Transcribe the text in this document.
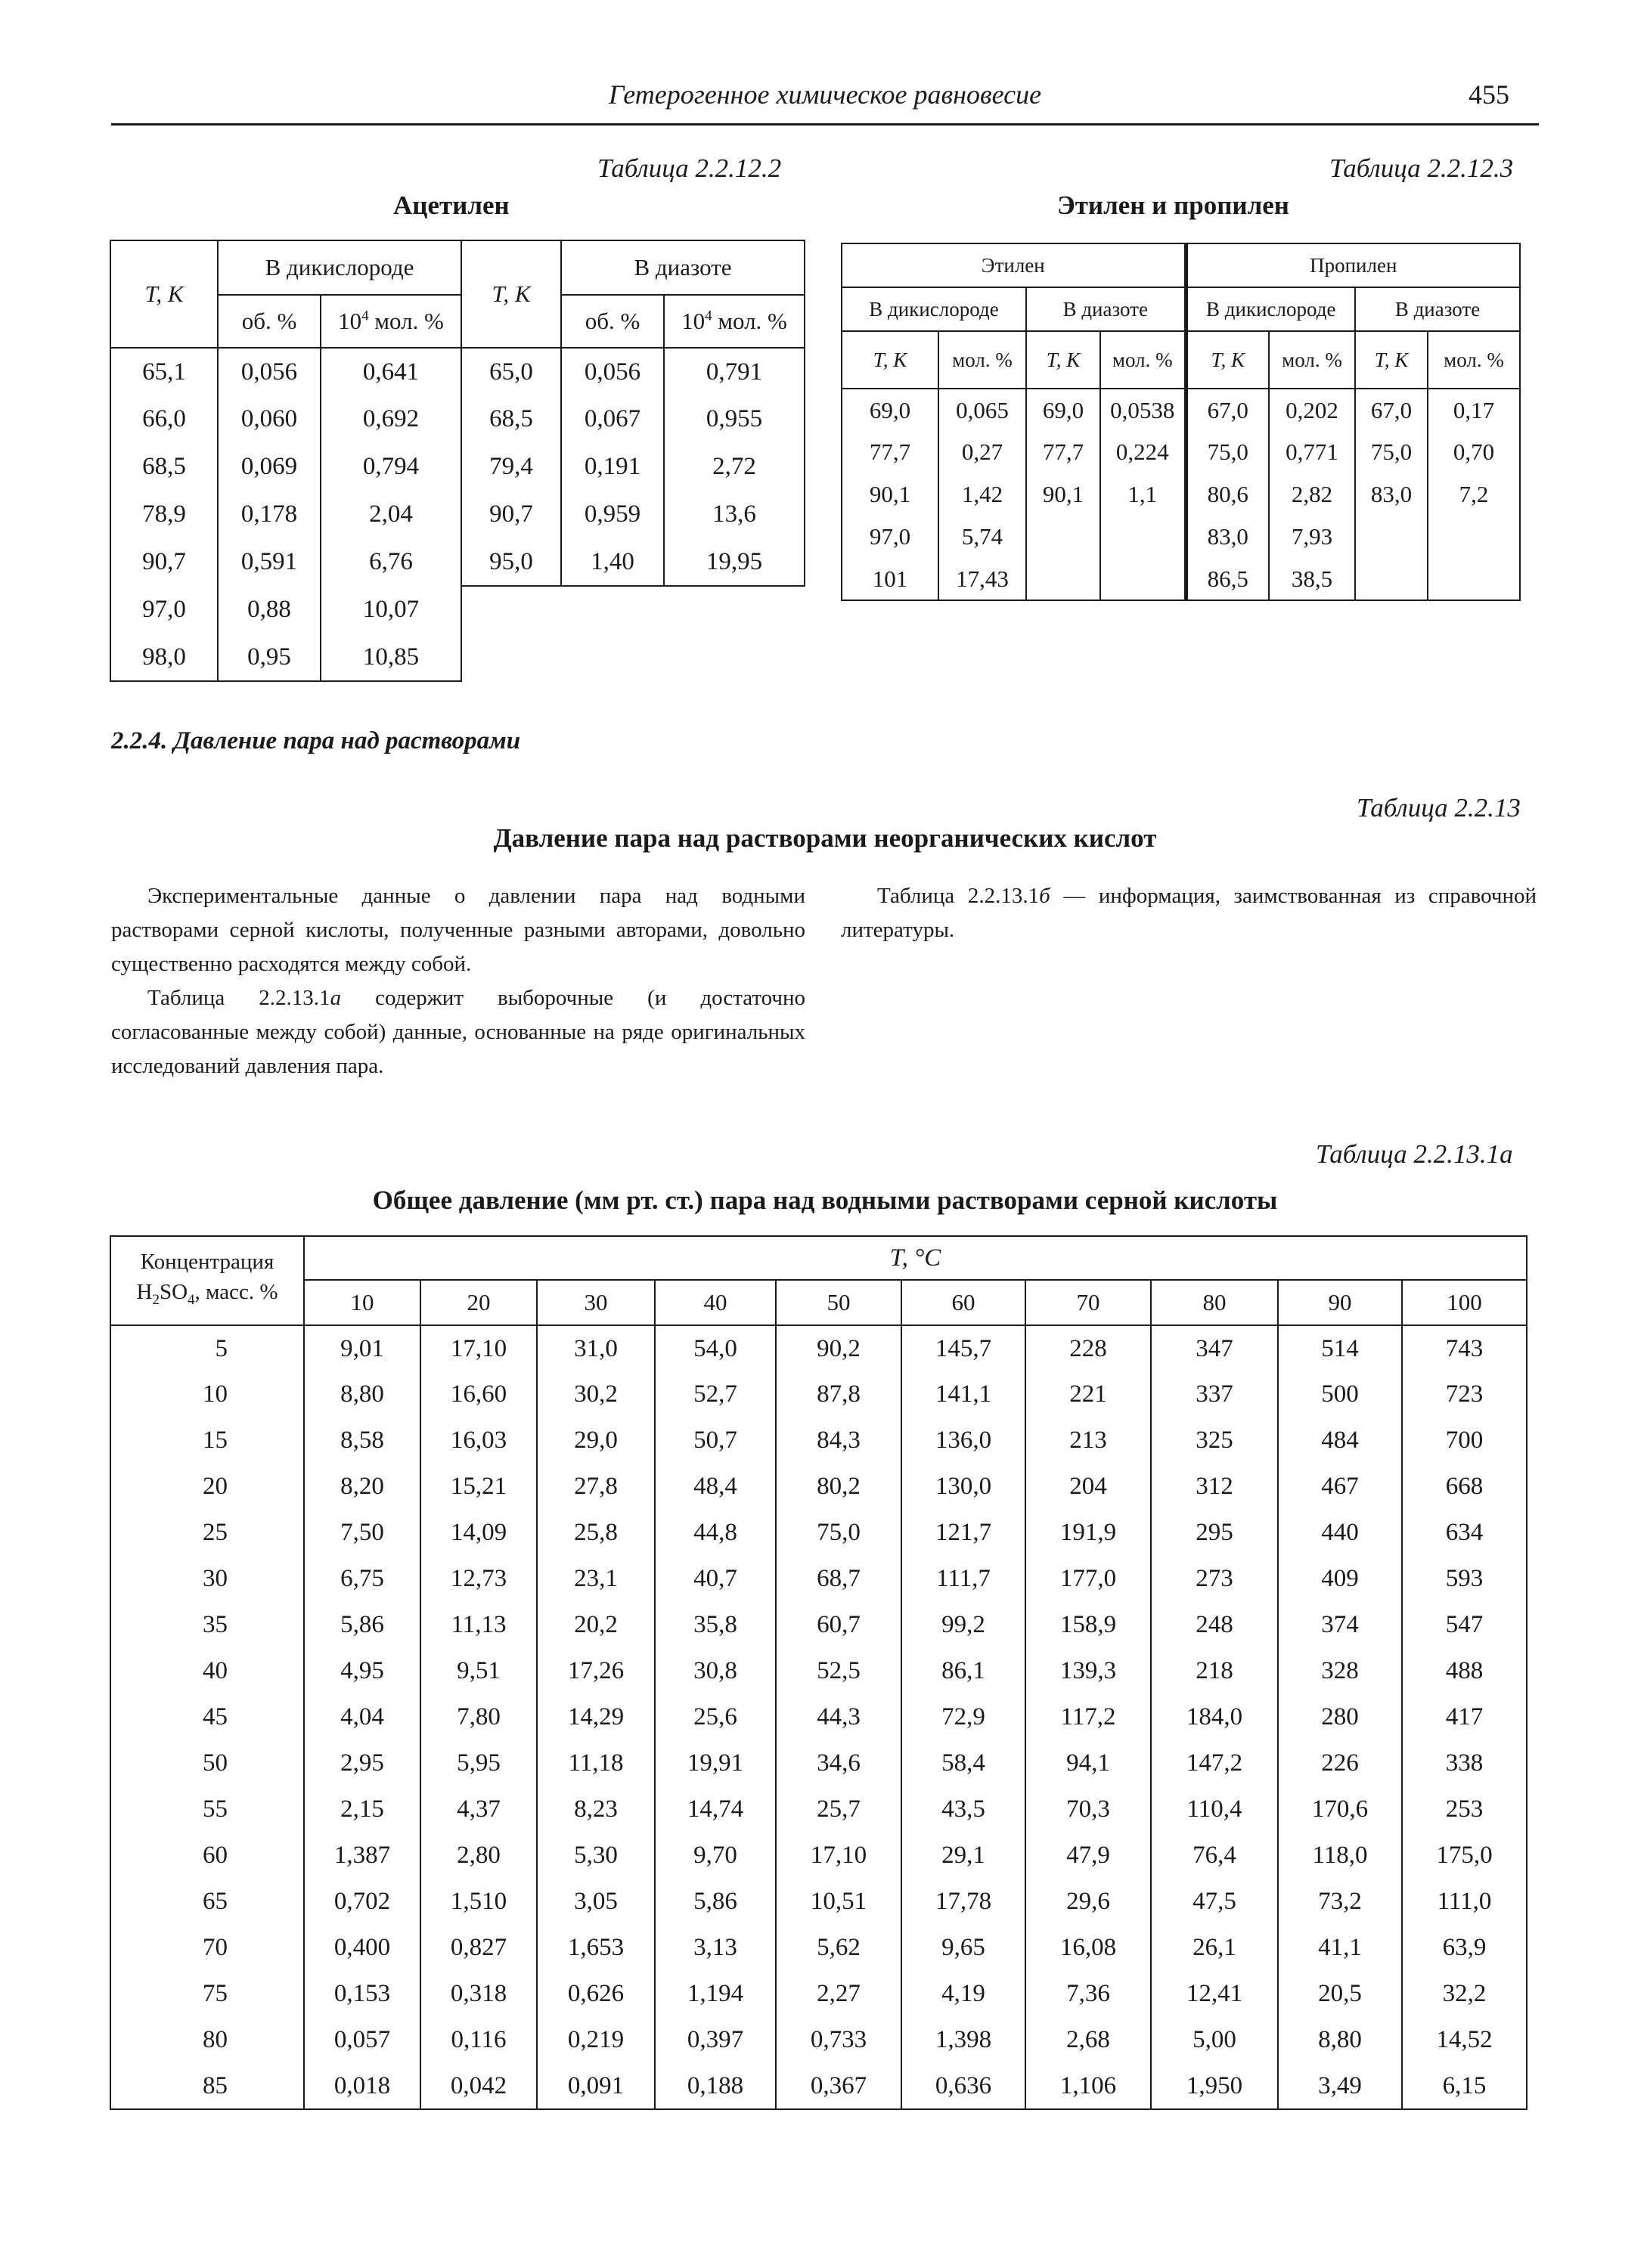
Гетерогенное химическое равновесие	455
Таблица 2.2.12.2
Ацетилен
T, К	В дикислороде	
	об. %	$10^4$ мол. %
65,1	0,056	0,641
66,0	0,060	0,692
68,5	0,069	0,794
78,9	0,178	2,04
90,7	0,591	6,76
97,0	0,88	10,07
98,0	0,95	10,85
T, К	В диазоте	
	об. %	$10^4$ мол. %
65,0	0,056	0,791
68,5	0,067	0,955
79,4	0,191	2,72
90,7	0,959	13,6
95,0	1,40	19,95
Таблица 2.2.12.3
Этилен и пропилен
Этилен				Пропилен			
В дикислороде		В диазоте		В дикислороде		В диазоте	
T, К	мол. %	T, К	мол. %	T, К	мол. %	T, К	мол. %
69,0	0,065	69,0	0,0538	67,0	0,202	67,0	0,17
77,7	0,27	77,7	0,224	75,0	0,771	75,0	0,70
90,1	1,42	90,1	1,1	80,6	2,82	83,0	7,2
97,0	5,74			83,0	7,93		
101	17,43			86,5	38,5		
2.2.4. Давление пара над растворами
Таблица 2.2.13
Давление пара над растворами неорганических кислот

Экспериментальные данные о давлении пара над водными растворами серной кислоты, полученные разными авторами, довольно существенно расходятся между собой.

Таблица 2.2.13.1а содержит выборочные (и достаточно согласованные между собой) данные, основанные на ряде оригинальных исследований давления пара.

Таблица 2.2.13.1б — информация, заимствованная из справочной литературы.

Таблица 2.2.13.1а
Общее давление (мм рт. ст.) пара над водными растворами серной кислоты
Концентрация
$H_2SO_4$, масс. %	T, °C									
	10	20	30	40	50	60	70	80	90	100
5	9,01	17,10	31,0	54,0	90,2	145,7	228	347	514	743
10	8,80	16,60	30,2	52,7	87,8	141,1	221	337	500	723
15	8,58	16,03	29,0	50,7	84,3	136,0	213	325	484	700
20	8,20	15,21	27,8	48,4	80,2	130,0	204	312	467	668
25	7,50	14,09	25,8	44,8	75,0	121,7	191,9	295	440	634
30	6,75	12,73	23,1	40,7	68,7	111,7	177,0	273	409	593
35	5,86	11,13	20,2	35,8	60,7	99,2	158,9	248	374	547
40	4,95	9,51	17,26	30,8	52,5	86,1	139,3	218	328	488
45	4,04	7,80	14,29	25,6	44,3	72,9	117,2	184,0	280	417
50	2,95	5,95	11,18	19,91	34,6	58,4	94,1	147,2	226	338
55	2,15	4,37	8,23	14,74	25,7	43,5	70,3	110,4	170,6	253
60	1,387	2,80	5,30	9,70	17,10	29,1	47,9	76,4	118,0	175,0
65	0,702	1,510	3,05	5,86	10,51	17,78	29,6	47,5	73,2	111,0
70	0,400	0,827	1,653	3,13	5,62	9,65	16,08	26,1	41,1	63,9
75	0,153	0,318	0,626	1,194	2,27	4,19	7,36	12,41	20,5	32,2
80	0,057	0,116	0,219	0,397	0,733	1,398	2,68	5,00	8,80	14,52
85	0,018	0,042	0,091	0,188	0,367	0,636	1,106	1,950	3,49	6,15
